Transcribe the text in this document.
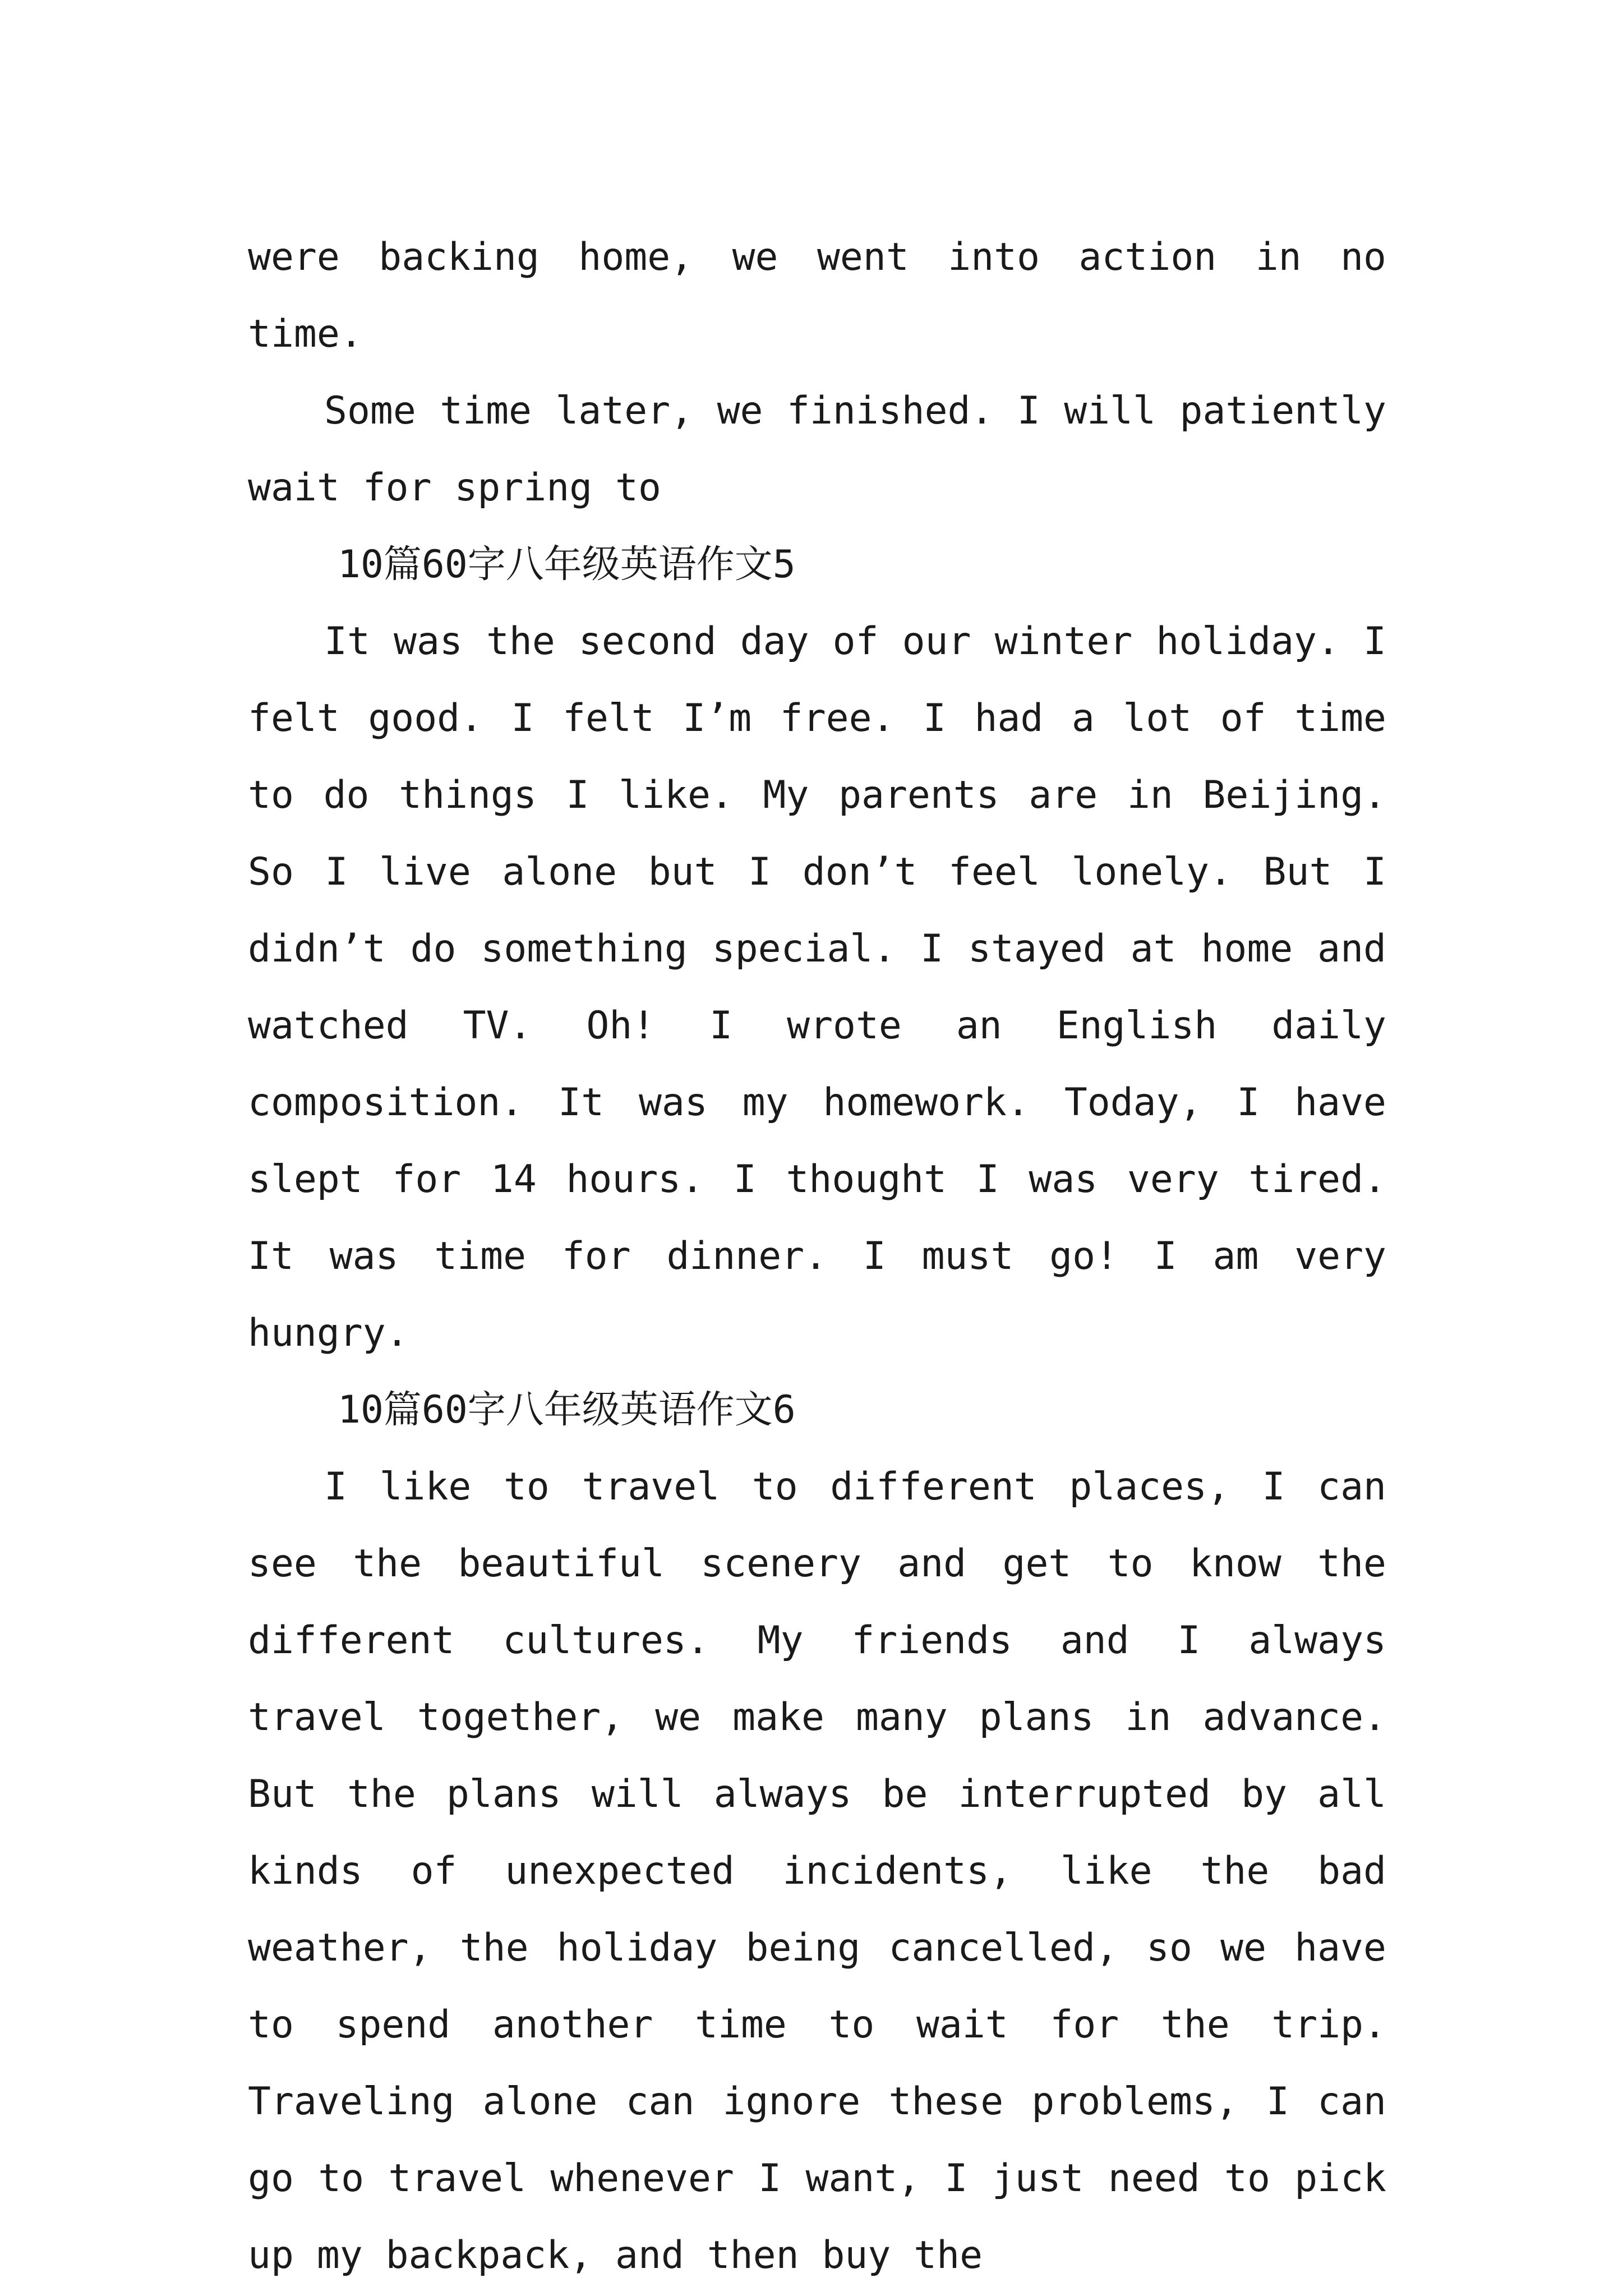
were backing home, we went into action in no time.

Some time later, we finished. I will patiently wait for spring to

10篇60字八年级英语作文5

It was the second day of our winter holiday. I felt good. I felt I’m free. I had a lot of time to do things I like. My parents are in Beijing. So I live alone but I don’t feel lonely. But I didn’t do something special. I stayed at home and watched TV. Oh! I wrote an English daily composition. It was my homework. Today, I have slept for 14 hours. I thought I was very tired. It was time for dinner. I must go! I am very hungry.

10篇60字八年级英语作文6

I like to travel to different places, I can see the beautiful scenery and get to know the different cultures. My friends and I always travel together, we make many plans in advance. But the plans will always be interrupted by all kinds of unexpected incidents, like the bad weather, the holiday being cancelled, so we have to spend another time to wait for the trip. Traveling alone can ignore these problems, I can go to travel whenever I want, I just need to pick up my backpack, and then buy the
